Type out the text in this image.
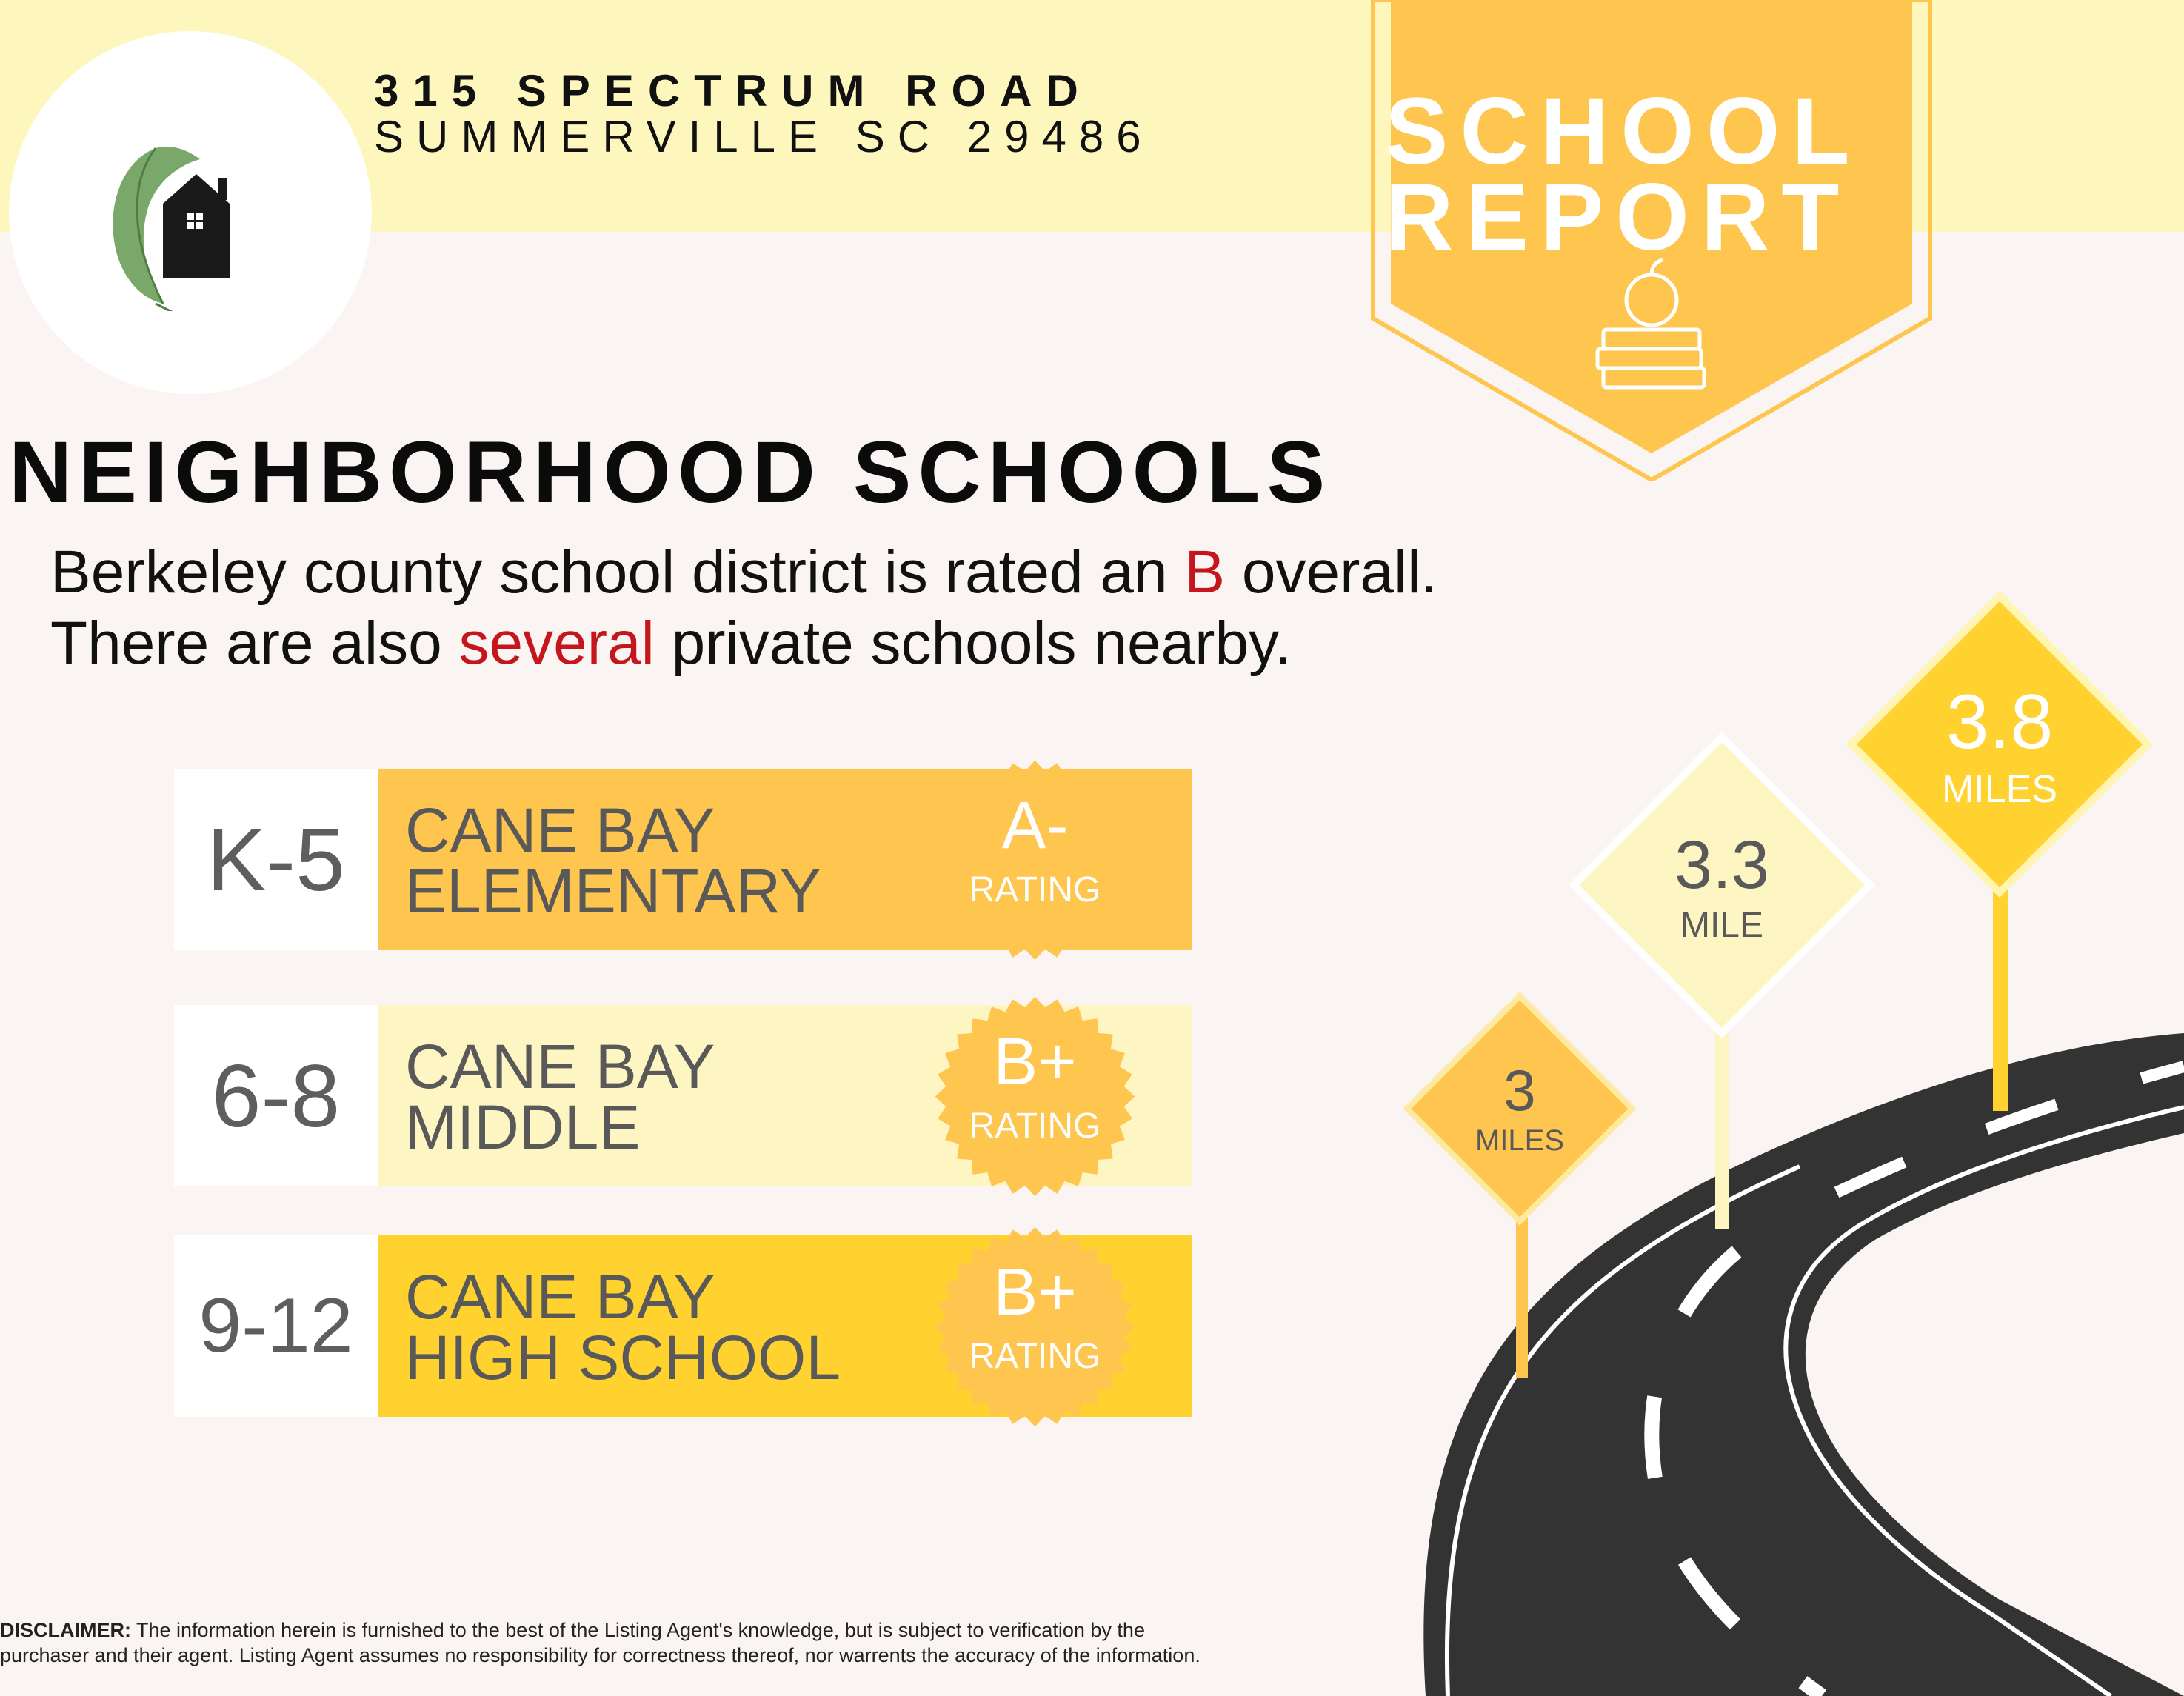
3
MILES
3.3
MILE
3.8
MILES
315 SPECTRUM ROAD
SUMMERVILLE SC 29486 SCHOOL
REPORT
NEIGHBORHOOD SCHOOLS
Berkeley county school district is rated an B overall.
There are also several private schools nearby.
K-5 CANE BAY
ELEMENTARY
A-
RATING
6-8 CANE BAY
MIDDLE
B+
RATING
9-12 CANE BAY
HIGH SCHOOL
B+
RATING
DISCLAIMER: The information herein is furnished to the best of the Listing Agent's knowledge, but is subject to verification by the purchaser and their agent. Listing Agent assumes no responsibility for correctness thereof, nor warrents the accuracy of the information.
